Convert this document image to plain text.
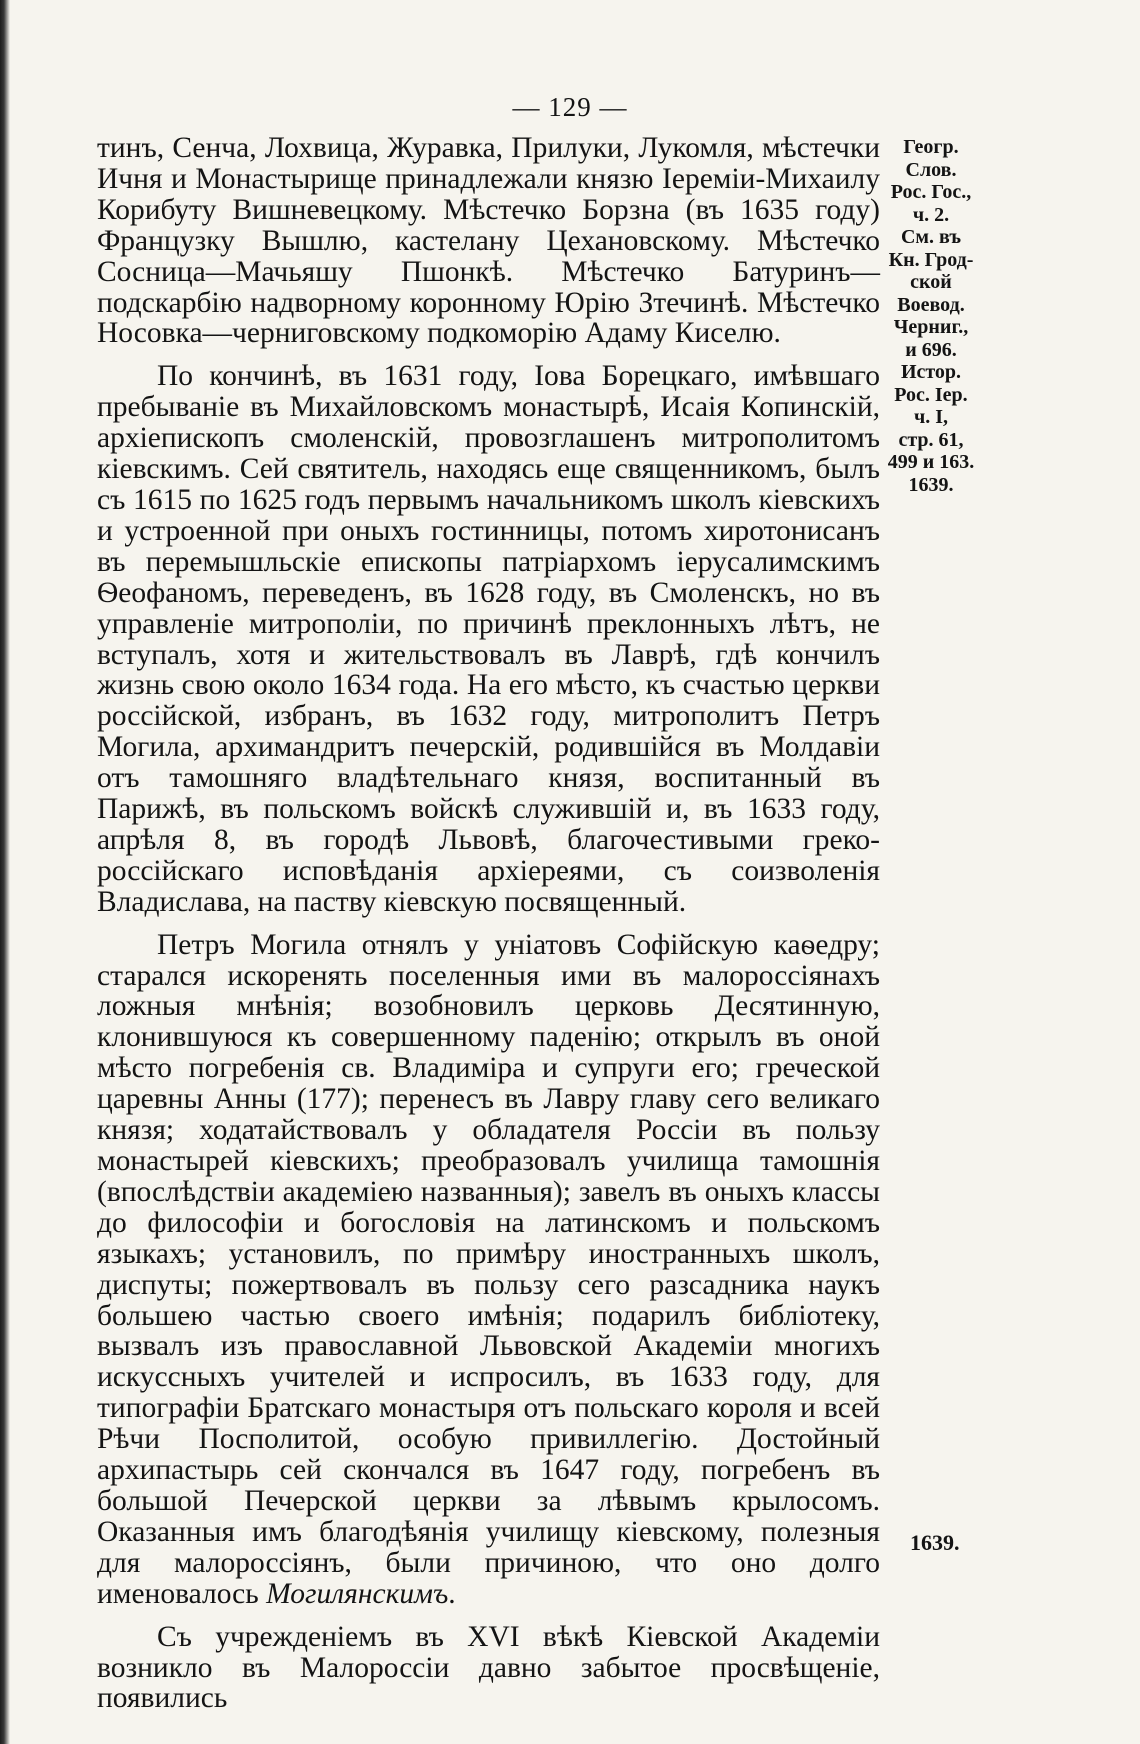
— 129 —

тинъ, Сенча, Лохвица, Журавка, Прилуки, Лукомля, мѣстечки Ичня и Монастырище принадлежали князю Іереміи-Михаилу Корибуту Вишневецкому. Мѣстечко Борзна (въ 1635 году) Французку Вышлю, кастелану Цехановскому. Мѣстечко Сосница—Мачьяшу Пшонкѣ. Мѣстечко Батуринъ—подскарбію надворному коронному Юрію Зтечинѣ. Мѣстечко Носовка—черниговскому подкоморію Адаму Киселю.

По кончинѣ, въ 1631 году, Іова Борецкаго, имѣвшаго пребываніе въ Михайловскомъ монастырѣ, Исаія Копинскій, архіепископъ смоленскій, провозглашенъ митрополитомъ кіевскимъ. Сей святитель, находясь еще священникомъ, былъ съ 1615 по 1625 годъ первымъ начальникомъ школъ кіевскихъ и устроенной при оныхъ гостинницы, потомъ хиротонисанъ въ перемышльскіе епископы патріархомъ іерусалимскимъ Ѳеофаномъ, переведенъ, въ 1628 году, въ Смоленскъ, но въ управленіе митрополіи, по причинѣ преклонныхъ лѣтъ, не вступалъ, хотя и жительствовалъ въ Лаврѣ, гдѣ кончилъ жизнь свою около 1634 года. На его мѣсто, къ счастью церкви россійской, избранъ, въ 1632 году, митрополитъ Петръ Могила, архимандритъ печерскій, родившійся въ Молдавіи отъ тамошняго владѣтельнаго князя, воспитанный въ Парижѣ, въ польскомъ войскѣ служившій и, въ 1633 году, апрѣля 8, въ городѣ Львовѣ, благочестивыми греко-россійскаго исповѣданія архіереями, съ соизволенія Владислава, на паству кіевскую посвященный.

Петръ Могила отнялъ у уніатовъ Софійскую каѳедру; старался искоренять поселенныя ими въ малороссіянахъ ложныя мнѣнія; возобновилъ церковь Десятинную, клонившуюся къ совершенному паденію; открылъ въ оной мѣсто погребенія св. Владиміра и супруги его; греческой царевны Анны (177); перенесъ въ Лавру главу сего великаго князя; ходатайствовалъ у обладателя Россіи въ пользу монастырей кіевскихъ; преобразовалъ училища тамошнія (впослѣдствіи академіею названныя); завелъ въ оныхъ классы до философіи и богословія на латинскомъ и польскомъ языкахъ; установилъ, по примѣру иностранныхъ школъ, диспуты; пожертвовалъ въ пользу сего разсадника наукъ большею частью своего имѣнія; подарилъ библіотеку, вызвалъ изъ православной Львовской Академіи многихъ искуссныхъ учителей и испросилъ, въ 1633 году, для типографіи Братскаго монастыря отъ польскаго короля и всей Рѣчи Посполитой, особую привиллегію. Достойный архипастырь сей скончался въ 1647 году, погребенъ въ большой Печерской церкви за лѣвымъ крылосомъ. Оказанныя имъ благодѣянія училищу кіевскому, полезныя для малороссіянъ, были причиною, что оно долго именовалось Могилянскимъ.

Съ учрежденіемъ въ XVI вѣкѣ Кіевской Академіи возникло въ Малороссіи давно забытое просвѣщеніе, появились

Геогр.
Слов.
Рос. Гос.,
ч. 2.
См. въ
Кн. Грод-
ской
Воевод.
Черниг.,
и 696.
Истор.
Рос. Іер.
ч. I,
стр. 61,
499 и 163.
1639.
1639.
